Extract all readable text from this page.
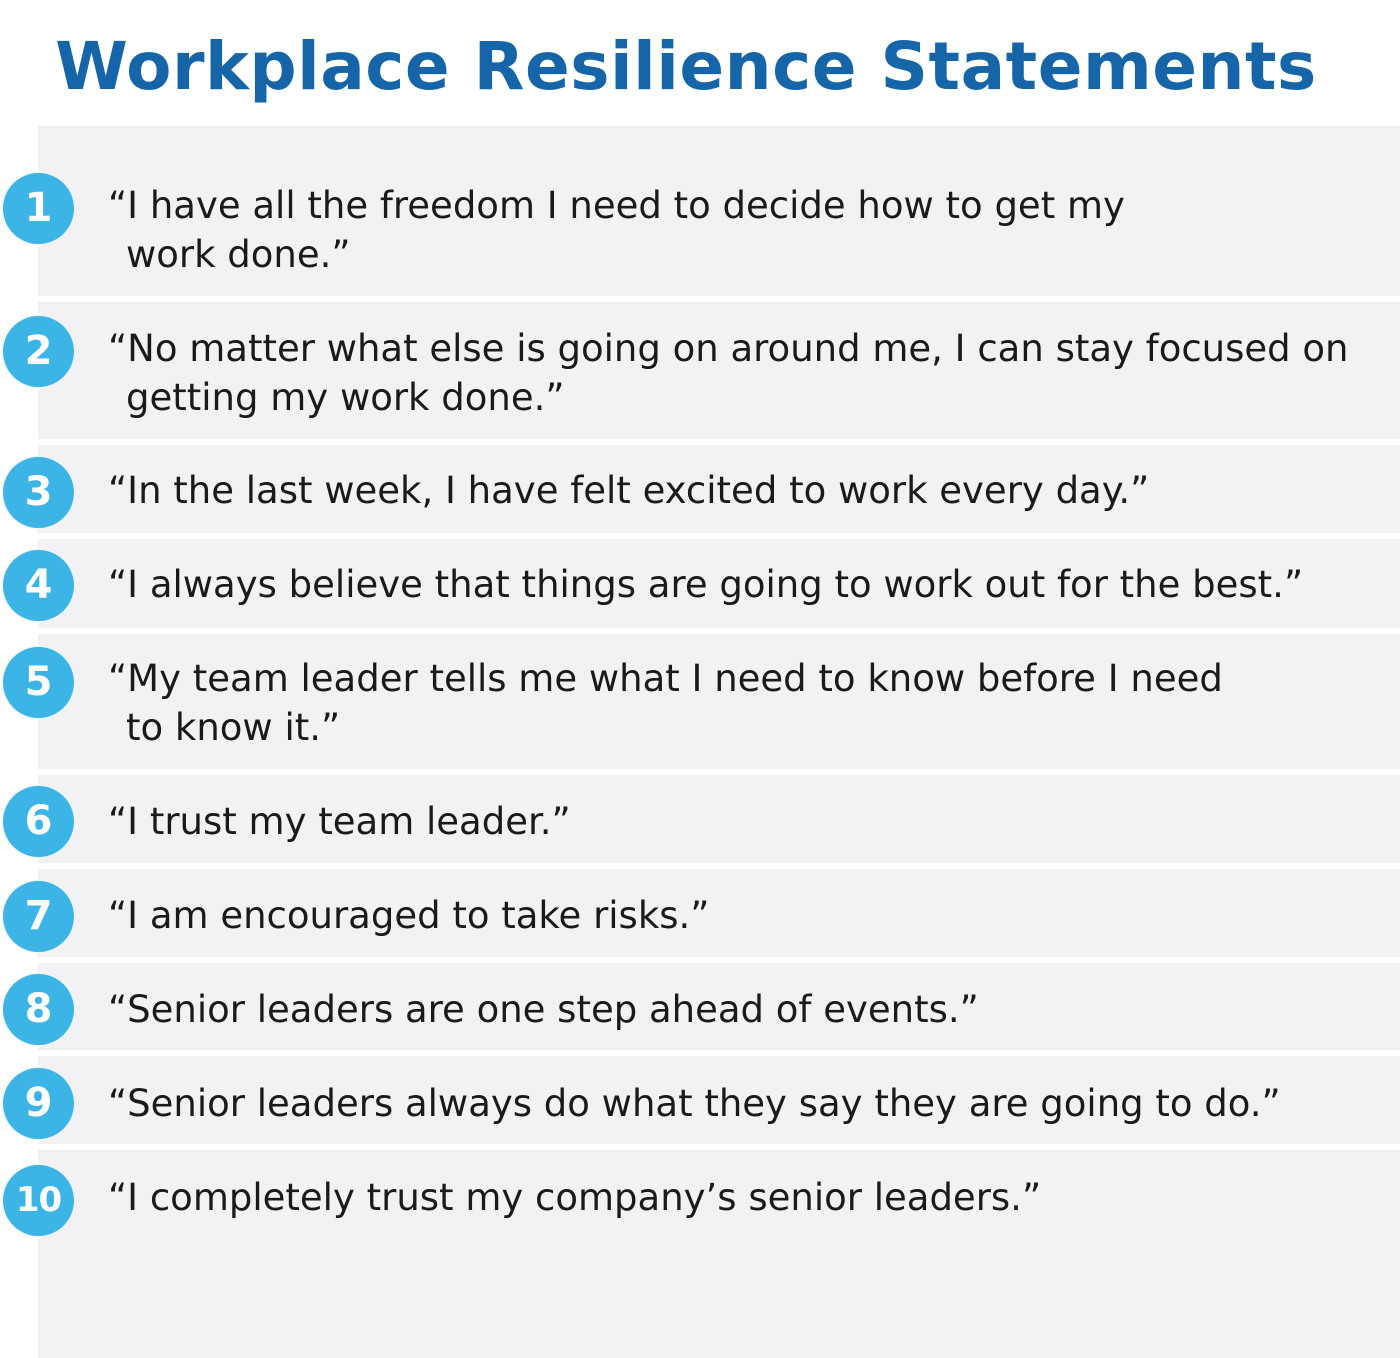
Workplace Resilience Statements
1	“I have all the freedom I need to decide how to get my work done.”
2	“No matter what else is going on around me, I can stay focused on getting my work done.”
3	“In the last week, I have felt excited to work every day.”
4	“I always believe that things are going to work out for the best.”
5	“My team leader tells me what I need to know before I need to know it.”
6	“I trust my team leader.”
7	“I am encouraged to take risks.”
8	“Senior leaders are one step ahead of events.”
9	“Senior leaders always do what they say they are going to do.”
10	“I completely trust my company’s senior leaders.”
